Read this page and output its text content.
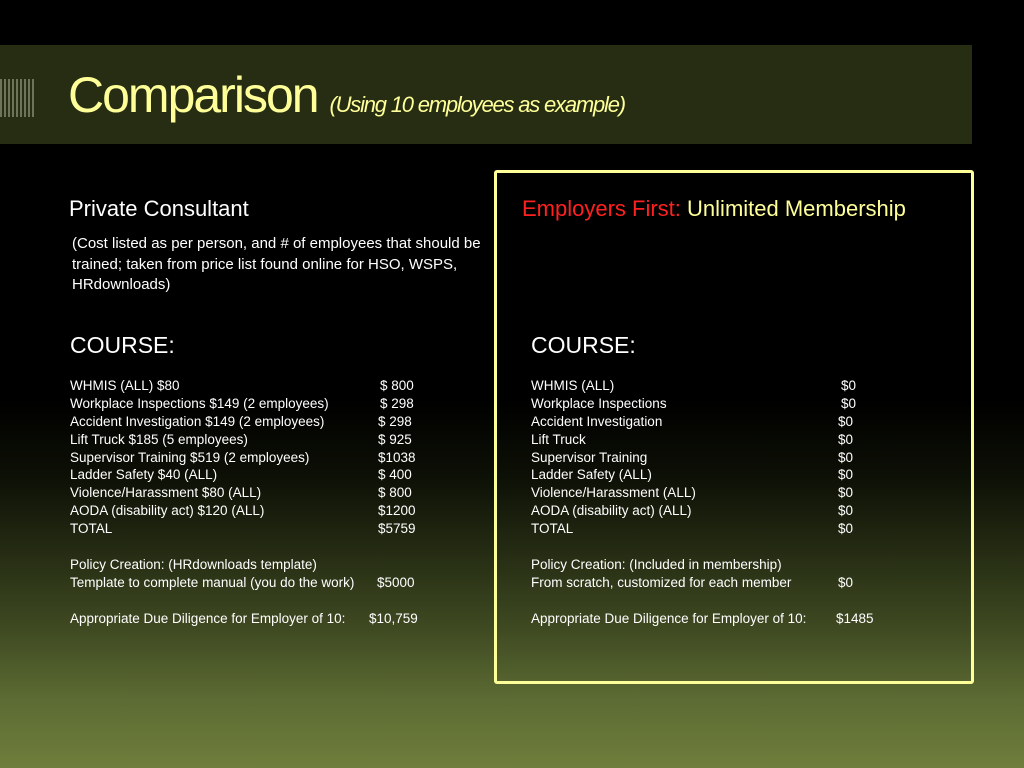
Comparison (Using 10 employees as example)
Private Consultant	Employers First: Unlimited Membership
(Cost listed as per person, and # of employees that should be trained; taken from price list found online for HSO, WSPS, HRdownloads)
COURSE:	COURSE:
WHMIS (ALL) $80	$ 800
Workplace Inspections $149 (2 employees)	$ 298
Accident Investigation $149 (2 employees)	$ 298
Lift Truck $185 (5 employees)	$ 925
Supervisor Training $519 (2 employees)	$1038
Ladder Safety $40 (ALL)	$ 400
Violence/Harassment $80 (ALL)	$ 800
AODA (disability act) $120 (ALL)	$1200
TOTAL	$5759
Policy Creation: (HRdownloads template)
Template to complete manual (you do the work) $5000
Appropriate Due Diligence for Employer of 10: $10,759
WHMIS (ALL)	$0
Workplace Inspections	$0
Accident Investigation	$0
Lift Truck	$0
Supervisor Training	$0
Ladder Safety (ALL)	$0
Violence/Harassment (ALL)	$0
AODA (disability act) (ALL)	$0
TOTAL	$0
Policy Creation: (Included in membership)
From scratch, customized for each member	$0
Appropriate Due Diligence for Employer of 10: $1485
